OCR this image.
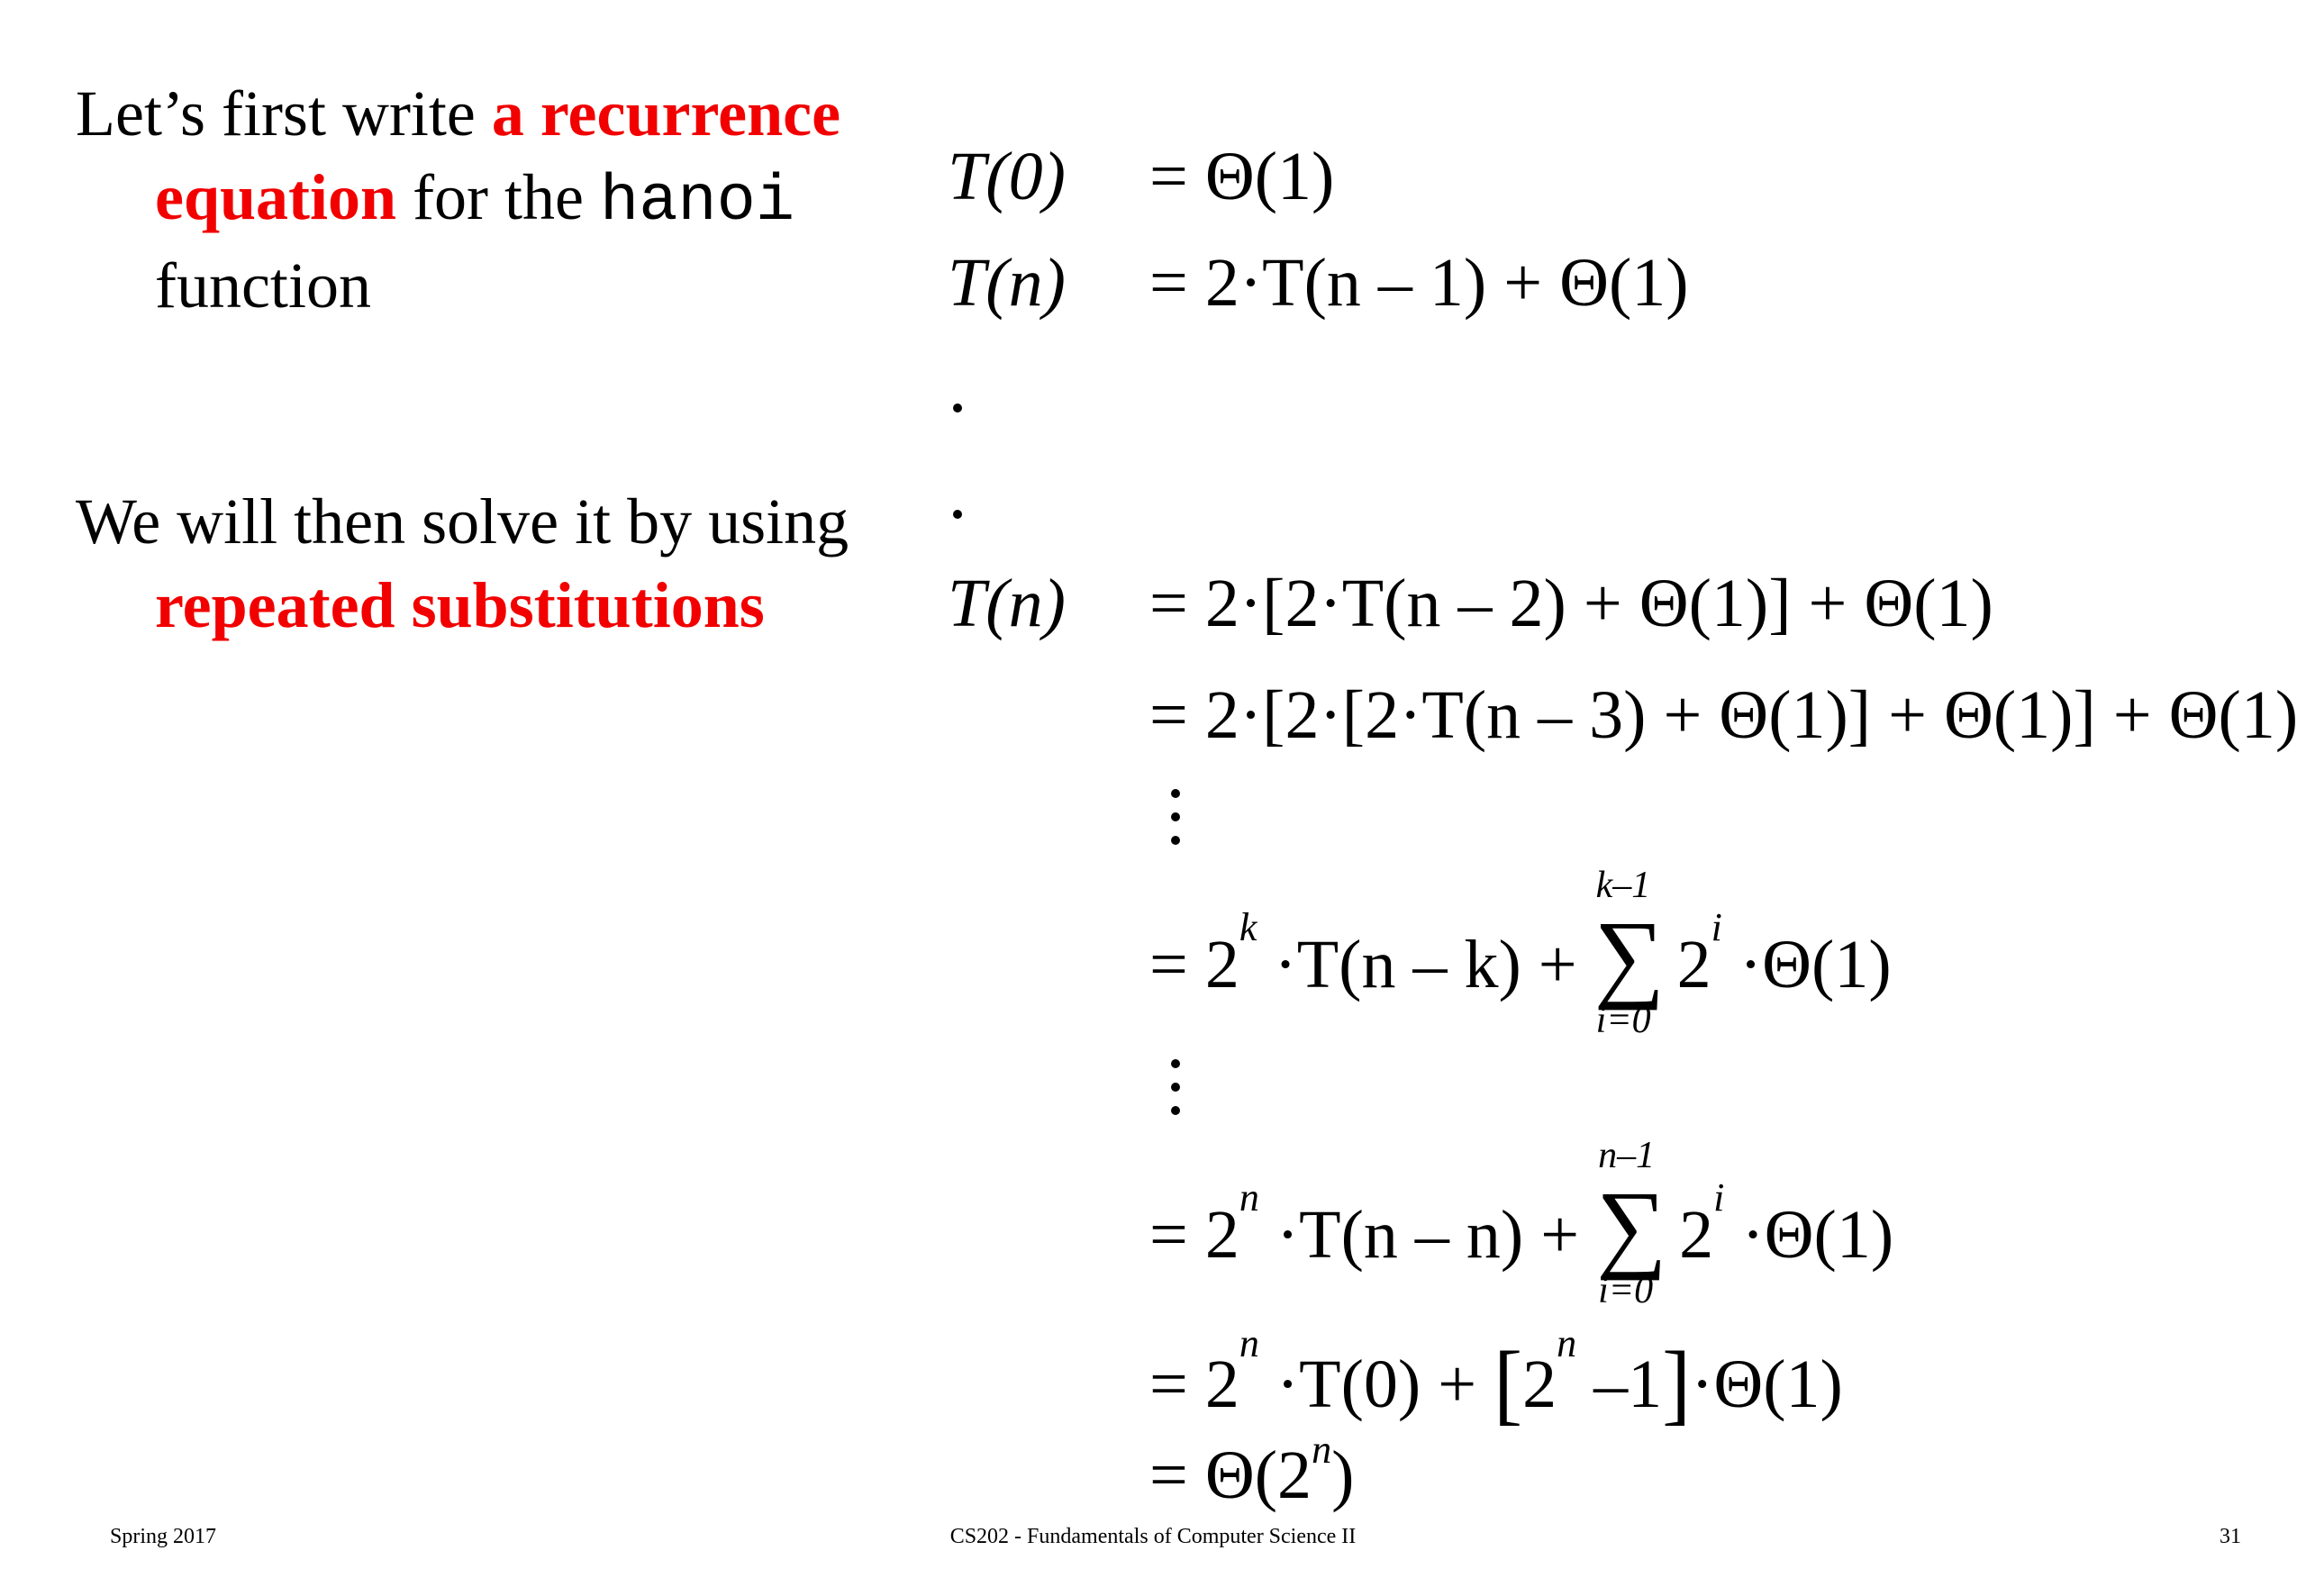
Let’s first write a recurrence equation for the hanoi function
We will then solve it by using repeated substitutions
T(0) = Θ(1)
T(n) = 2·T(n – 1) + Θ(1)
T(n) = 2·[2·T(n – 2) + Θ(1)] + Θ(1)
= 2·[2·[2·T(n – 3) + Θ(1)] + Θ(1)] + Θ(1)
= $2^k \cdot T(n - k)$ +
k–1
∑
i=0
$2^i \cdot\Theta(1)$
= $2^n \cdot T(n - n)$ +
n–1
∑
i=0
$2^i \cdot\Theta(1)$
= $2^n \cdot T(0) + [2^n$ –1]·Θ(1)
= $\Theta(2^n)$
Spring 2017	CS202 - Fundamentals of Computer Science II	31
